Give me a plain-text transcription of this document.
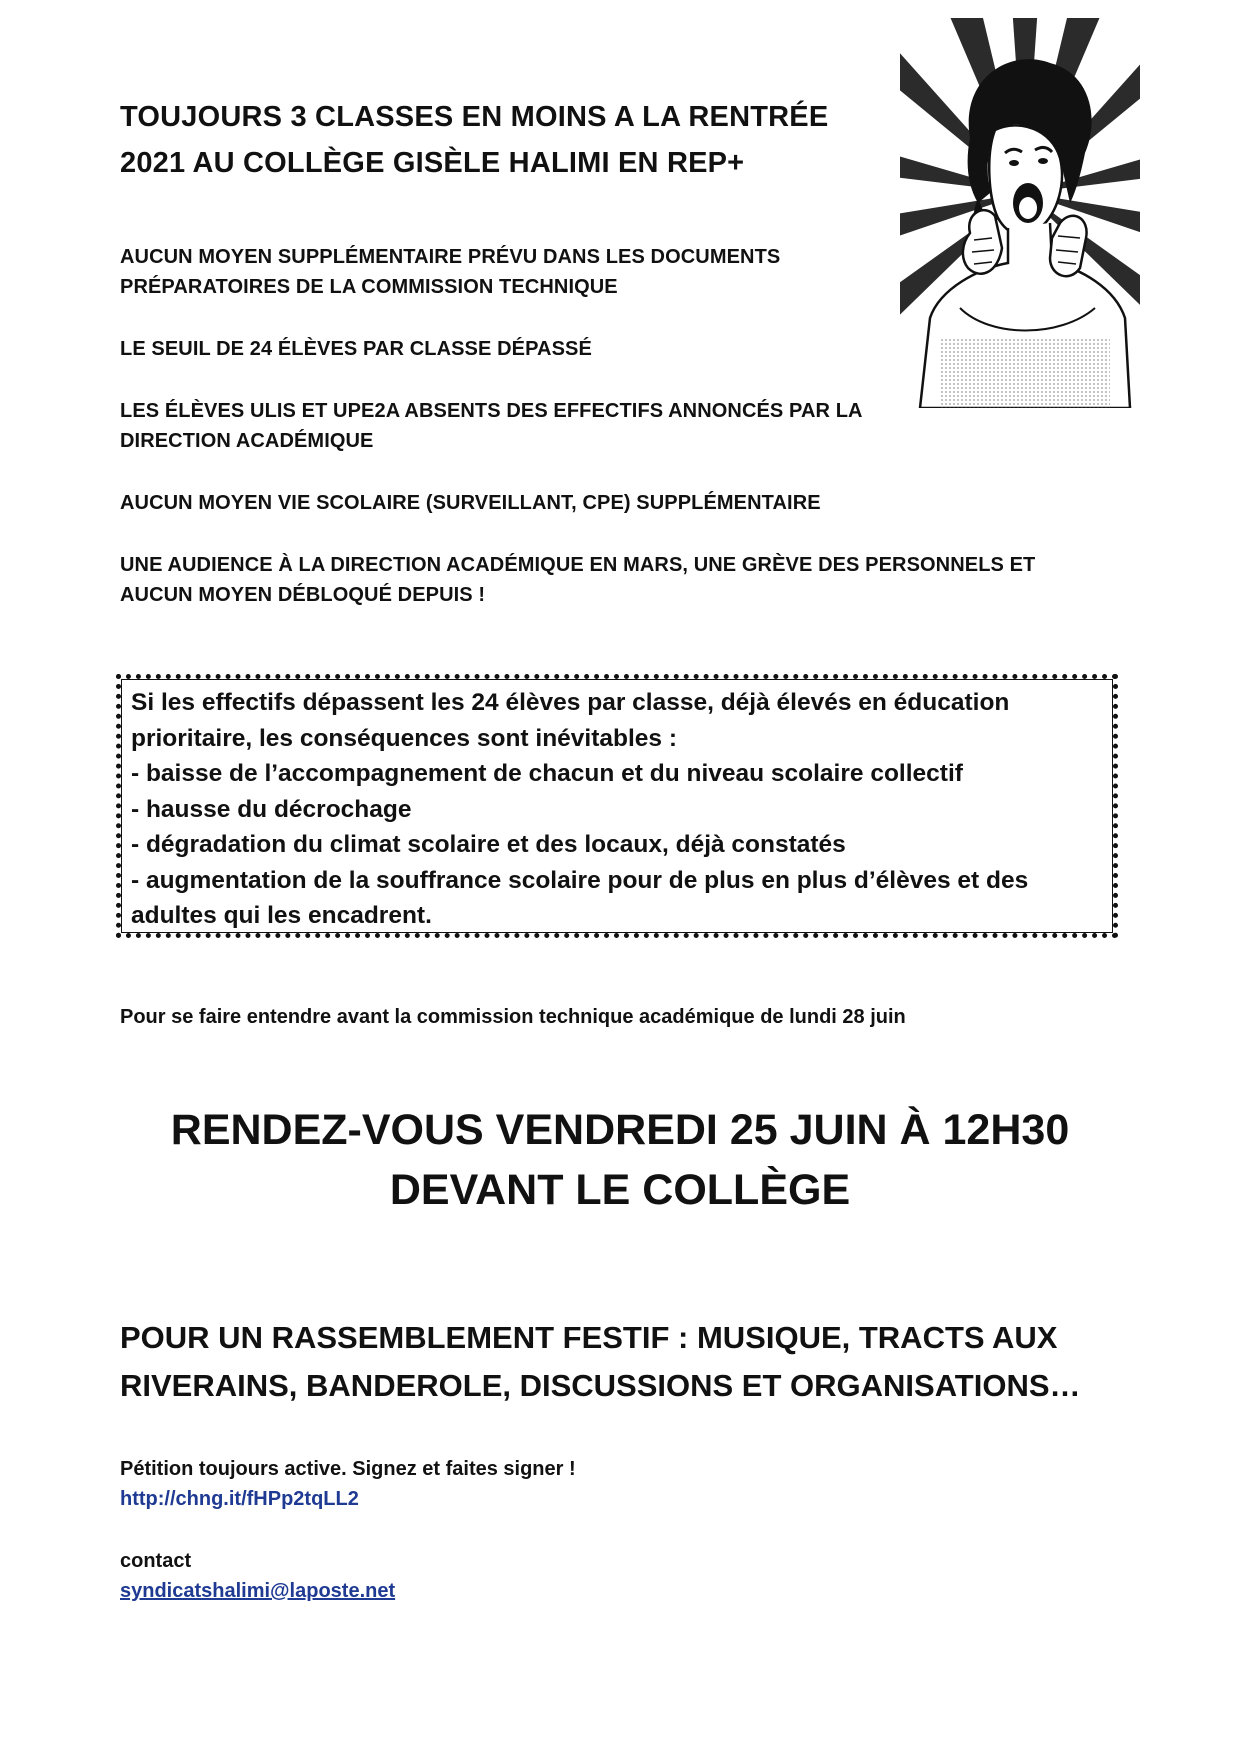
TOUJOURS 3 CLASSES EN MOINS A LA RENTRÉE
2021 AU COLLÈGE GISÈLE HALIMI EN REP+

AUCUN MOYEN SUPPLÉMENTAIRE PRÉVU DANS LES DOCUMENTS
PRÉPARATOIRES DE LA COMMISSION TECHNIQUE

LE SEUIL DE 24 ÉLÈVES PAR CLASSE DÉPASSÉ

LES ÉLÈVES ULIS ET UPE2A ABSENTS DES EFFECTIFS ANNONCÉS PAR LA
DIRECTION ACADÉMIQUE

AUCUN MOYEN VIE SCOLAIRE (SURVEILLANT, CPE) SUPPLÉMENTAIRE

UNE AUDIENCE À LA DIRECTION ACADÉMIQUE EN MARS, UNE GRÈVE DES PERSONNELS ET
AUCUN MOYEN DÉBLOQUÉ DEPUIS !

Si les effectifs dépassent les 24 élèves par classe, déjà élevés en éducation
prioritaire, les conséquences sont inévitables :
- baisse de l’accompagnement de chacun et du niveau scolaire collectif
- hausse du décrochage
- dégradation du climat scolaire et des locaux, déjà constatés
- augmentation de la souffrance scolaire pour de plus en plus d’élèves et des
adultes qui les encadrent.

Pour se faire entendre avant la commission technique académique de lundi 28 juin

RENDEZ-VOUS VENDREDI 25 JUIN À 12H30
DEVANT LE COLLÈGE
POUR UN RASSEMBLEMENT FESTIF : MUSIQUE, TRACTS AUX
RIVERAINS, BANDEROLE, DISCUSSIONS ET ORGANISATIONS…
Pétition toujours active. Signez et faites signer !
http://chng.it/fHPp2tqLL2
contact
syndicatshalimi@laposte.net
